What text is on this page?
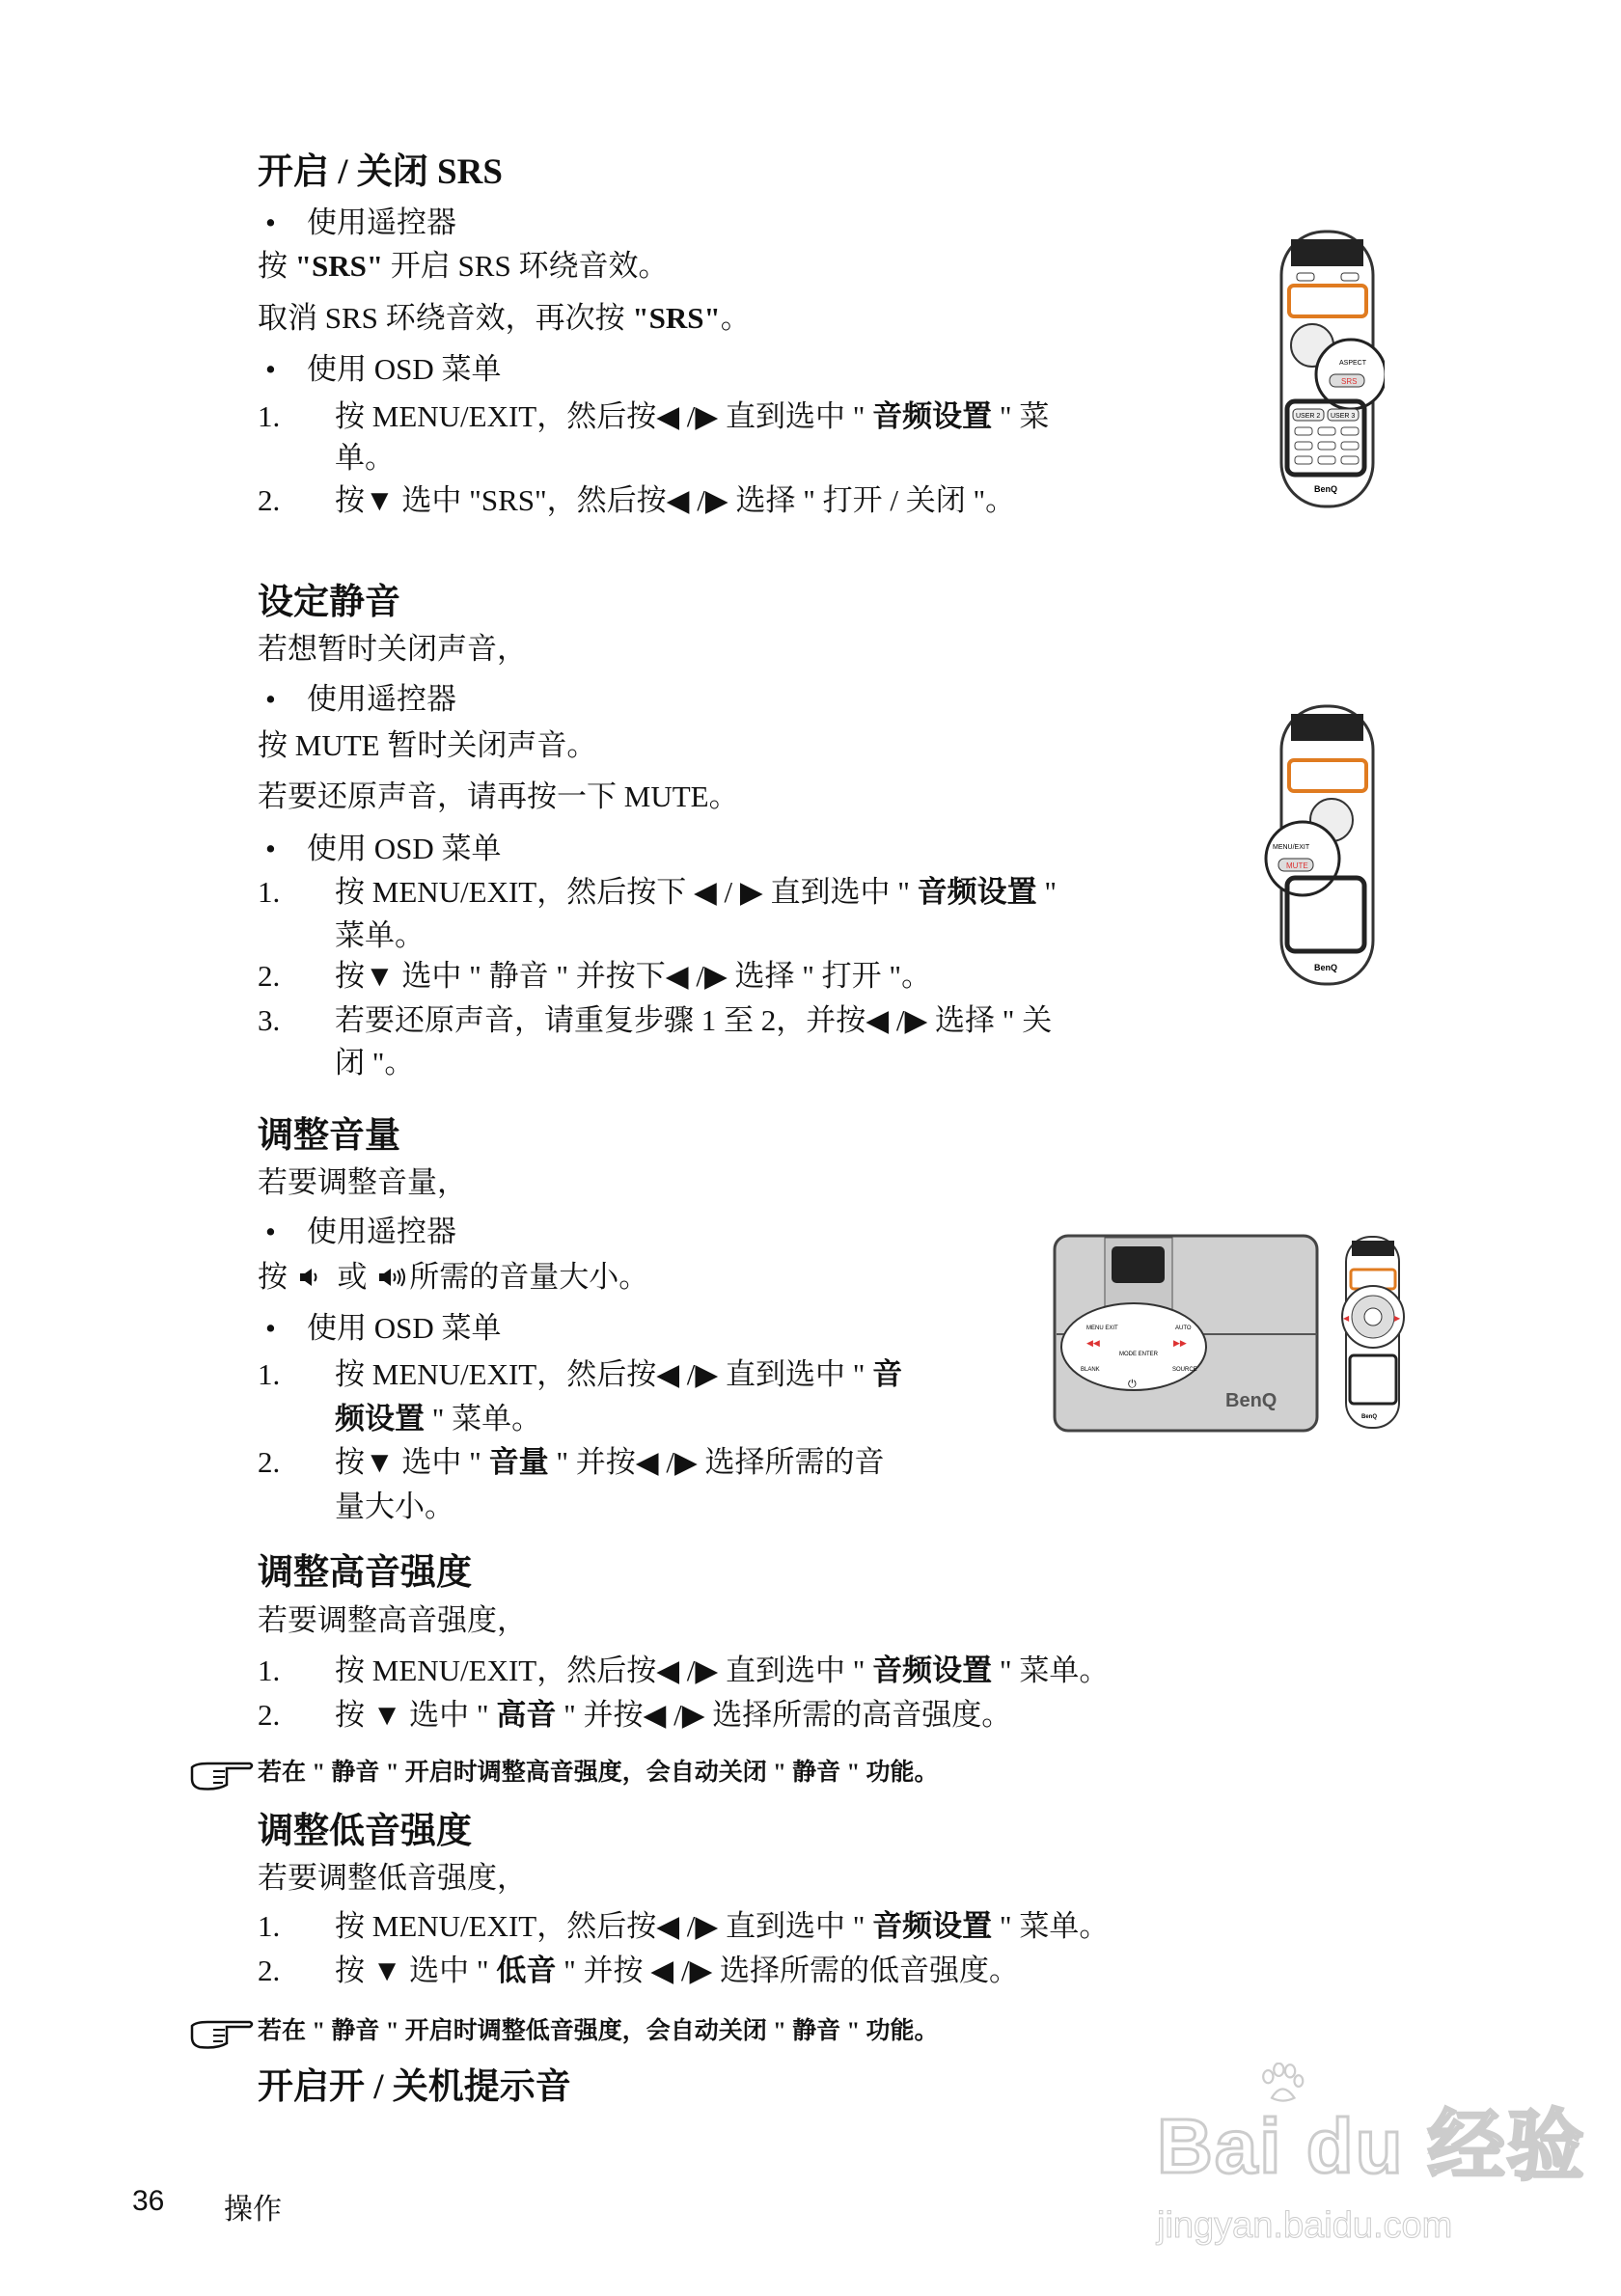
开启 / 关闭 SRS
设定静音
调整音量
调整高音强度
调整低音强度
开启开 / 关机提示音
• 使用遥控器
按 "SRS" 开启 SRS 环绕音效。
取消 SRS 环绕音效，再次按 "SRS"。
• 使用 OSD 菜单
1. 按 MENU/EXIT，然后按◀ /▶ 直到选中 " 音频设置 " 菜
单。
2. 按▼ 选中 "SRS"，然后按◀ /▶ 选择 " 打开 / 关闭 "。
若想暂时关闭声音，
• 使用遥控器
按 MUTE 暂时关闭声音。
若要还原声音，请再按一下 MUTE。
• 使用 OSD 菜单
1. 按 MENU/EXIT，然后按下 ◀ / ▶ 直到选中 " 音频设置 "
菜单。
2. 按▼ 选中 " 静音 " 并按下◀ /▶ 选择 " 打开 "。
3. 若要还原声音，请重复步骤 1 至 2，并按◀ /▶ 选择 " 关
闭 "。
若要调整音量，
• 使用遥控器
按  或 所需的音量大小。
• 使用 OSD 菜单
1. 按 MENU/EXIT，然后按◀ /▶ 直到选中 " 音
频设置 " 菜单。
2. 按▼ 选中 " 音量 " 并按◀ /▶ 选择所需的音
量大小。
若要调整高音强度，
1. 按 MENU/EXIT，然后按◀ /▶ 直到选中 " 音频设置 " 菜单。
2. 按 ▼ 选中 " 高音 " 并按◀ /▶ 选择所需的高音强度。
若在 " 静音 " 开启时调整高音强度，会自动关闭 " 静音 " 功能。
若要调整低音强度，
1. 按 MENU/EXIT，然后按◀ /▶ 直到选中 " 音频设置 " 菜单。
2. 按 ▼ 选中 " 低音 " 并按 ◀ /▶ 选择所需的低音强度。
若在 " 静音 " 开启时调整低音强度，会自动关闭 " 静音 " 功能。
ASPECT
SRS
USER 2 USER 3
BenQ
MENU/EXIT
MUTE
BenQ
MENU EXIT	AUTO
MODE ENTER
BLANK	SOURCE
◀◀	▶▶
⏻
BenQ
◀	▶
BenQ
36 操作
Bai du 经验
jingyan.baidu.com
